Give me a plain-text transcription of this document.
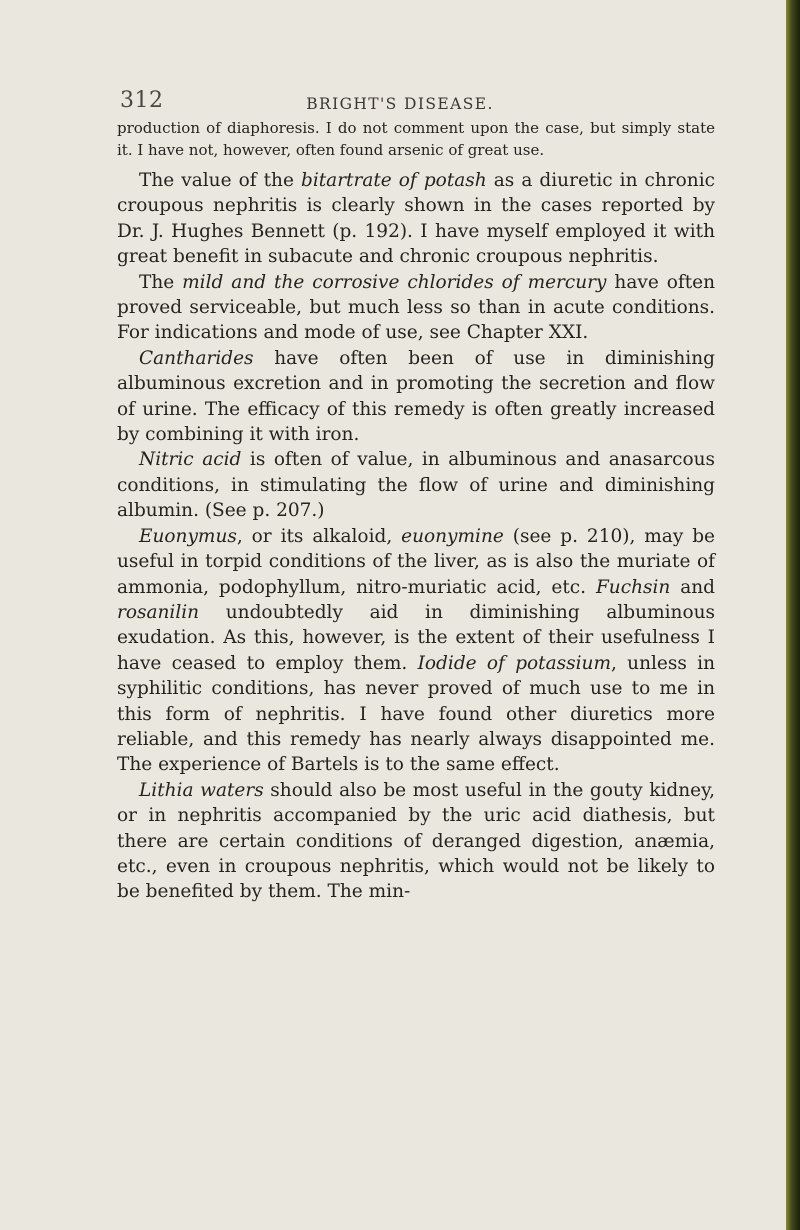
312	BRIGHT'S DISEASE.
production of diaphoresis. I do not comment upon the case, but simply state it. I have not, however, often found arsenic of great use.

The value of the bitartrate of potash as a diuretic in chronic croupous nephritis is clearly shown in the cases reported by Dr. J. Hughes Bennett (p. 192). I have myself employed it with great benefit in subacute and chronic croupous nephritis.

The mild and the corrosive chlorides of mercury have often proved serviceable, but much less so than in acute conditions. For indications and mode of use, see Chapter XXI.

Cantharides have often been of use in diminishing albuminous excretion and in promoting the secretion and flow of urine. The efficacy of this remedy is often greatly increased by combining it with iron.

Nitric acid is often of value, in albuminous and anasarcous conditions, in stimulating the flow of urine and diminishing albumin. (See p. 207.)

Euonymus, or its alkaloid, euonymine (see p. 210), may be useful in torpid conditions of the liver, as is also the muriate of ammonia, podophyllum, nitro-muriatic acid, etc. Fuchsin and rosanilin undoubtedly aid in diminishing albuminous exudation. As this, however, is the extent of their usefulness I have ceased to employ them. Iodide of potassium, unless in syphilitic conditions, has never proved of much use to me in this form of nephritis. I have found other diuretics more reliable, and this remedy has nearly always disappointed me. The experience of Bartels is to the same effect.

Lithia waters should also be most useful in the gouty kidney, or in nephritis accompanied by the uric acid diathesis, but there are certain conditions of deranged digestion, anæmia, etc., even in croupous nephritis, which would not be likely to be benefited by them. The min-
